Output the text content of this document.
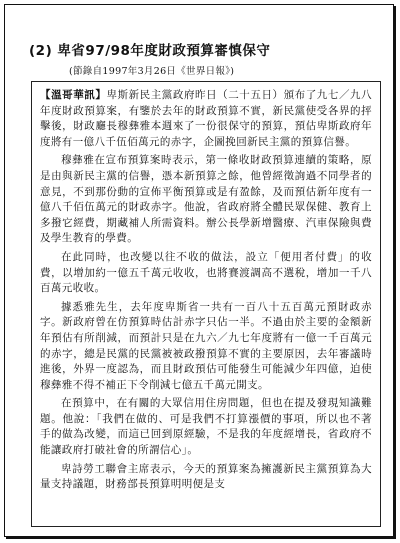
(2) 卑省97/98年度財政預算審慎保守
(節錄自1997年3月26日《世界日報》)

【溫哥華訊】卑斯新民主黨政府昨日（二十五日）頒布了九七／九八年度財政預算案，有鑒於去年的財政預算不實，新民黨使受各界的抨擊後，財政廳長穆彝雅本週來了一份很保守的預算，預估卑斯政府年度將有一億八千伍佰萬元的赤字，企圖挽回新民主黨的預算信譽。

穆彝雅在宣布預算案時表示，第一條收財政預算連續的策略，原是由與新民主黨的信譽，憑本新預算之餘，他曾經徵詢過不同學者的意見，不到那份動的宣佈平衡預算或是有盈餘，及而預估新年度有一億八千佰伍萬元的財政赤字。他說，省政府將全體民眾保健、教育上多撥它經費，期藏補人所需資料。辦公長學新增醫療、汽車保險與費及學生教育的學費。

在此同時，也改變以往不收的做法，設立「便用者付費」的收費，以增加約一億五千萬元收收，也將賽渡調高不選稅，增加一千八百萬元收收。

據悉雅先生，去年度卑斯省一共有一百八十五百萬元預財政赤字。新政府曾在仿預算時估計赤字只佔一半。不過由於主要的金額新年預估有所削減，而預計只是在九六／九七年度將有一億一千百萬元的赤字，總是民黨的民黨被被政撥預算不實的主要原因，去年審議時進後，外界一度認為，而且財政預估可能發生可能減少年四億，迫使穆彝雅不得不補正下令削減七億五千萬元開支。

在預算中，在有關的大眾信用住房問題，但也在提及發現知識難題。他說：「我們在做的、可是我們不打算漲價的事項，所以也不著手的做為改變，而這已回到原經驗，不是我的年度經增長，省政府不能讓政府打破社會的所謂信心」。

卑詩勞工聯會主席表示，今天的預算案為擁護新民主黨預算為大量支持議題，財務部長預算明明便是支
